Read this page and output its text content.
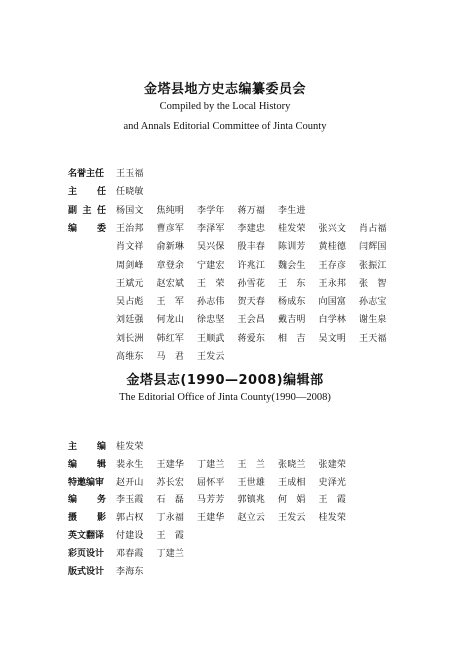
金塔县地方史志编纂委员会
Compiled by the Local History
and Annals Editorial Committee of Jinta County
名誉主任	王玉福
主 任 任晓敏
副 主 任 杨国文 焦纯明 李学年 蒋万福 李生进
编 委 王治邦 曹彦军 李泽军 李建忠 桂发荣 张兴文 肖占福
肖文祥 俞新琳 吴兴保 殷丰春 陈训芳 黄桂德 闫辉国
周剑峰 章登余 宁建宏 许兆江 魏会生 王存彦 张振江
王斌元 赵宏斌 王　荣 孙雪花 王　东 王永邦 张　智
吴占彪 王　军 孙志伟 贺天春 杨成东 向国富 孙志宝
刘廷强 何龙山 徐忠坚 王会昌 戴吉明 白学林 谢生泉
刘长洲 韩红军 王顺武 蒋爱东 相　吉 吴文明 王天福
高维东 马　君 王发云
金塔县志(1990—2008)编辑部
The Editorial Office of Jinta County(1990—2008)
主 编 桂发荣
编 辑 裴永生 王建华 丁建兰 王　兰 张晓兰 张建荣
特邀编审	赵开山 苏长宏 屈怀平 王世雄 王成相 史泽光
编 务 李玉霞 石　磊 马芳芳 郭镇兆 何　娟 王　霞
摄 影 郭占权 丁永福 王建华 赵立云 王发云 桂发荣
英文翻译	付建设 王　霞
彩页设计	邓春霞 丁建兰
版式设计	李海东
